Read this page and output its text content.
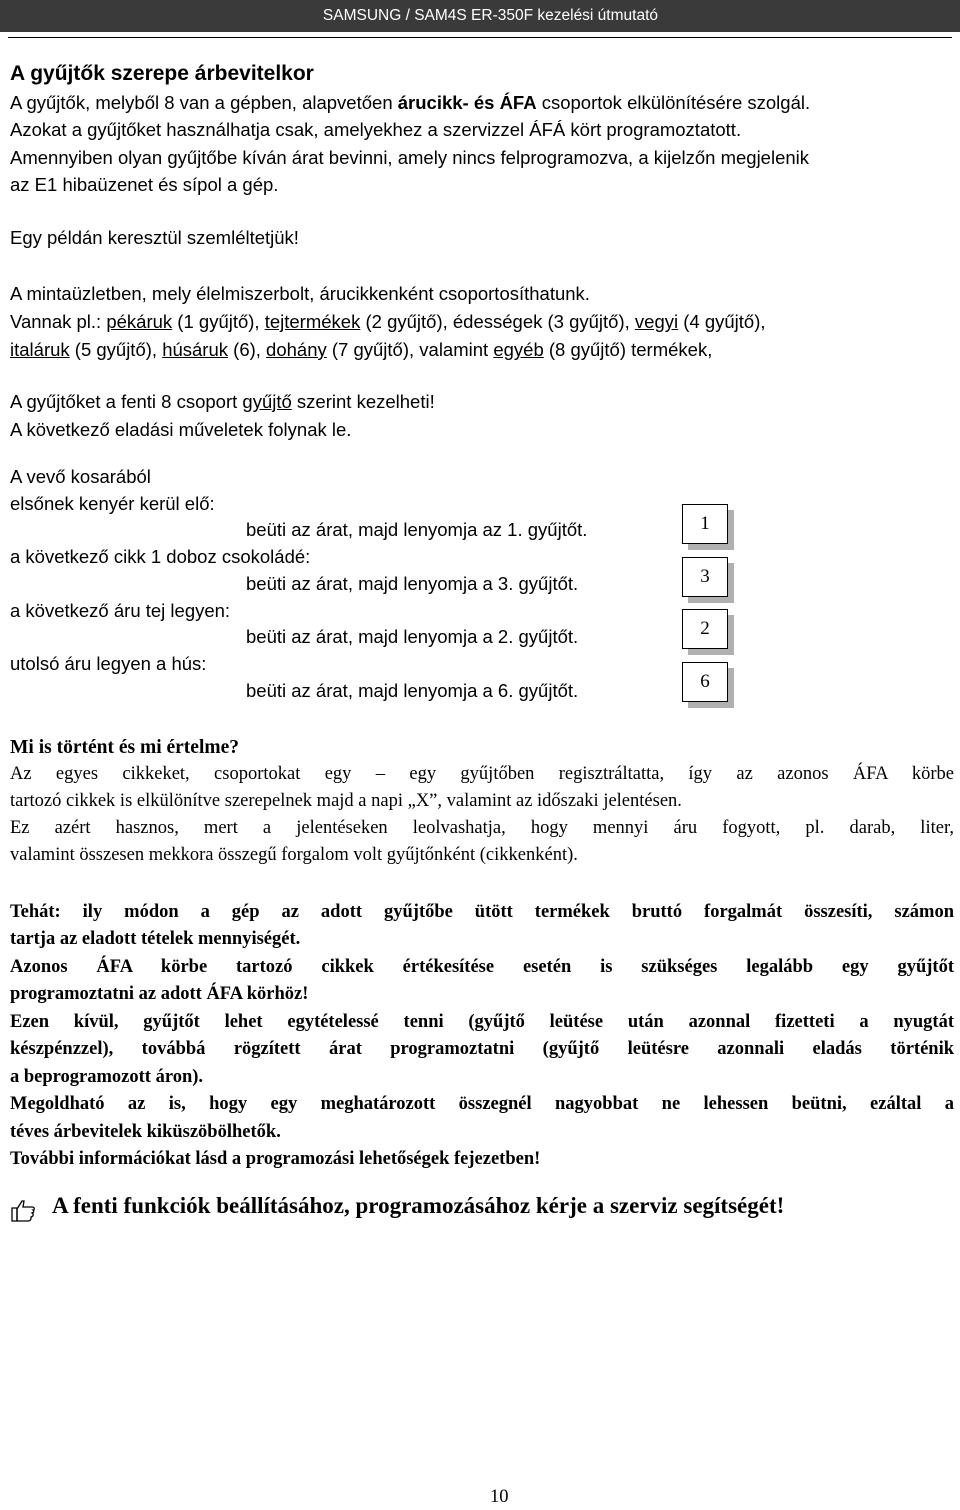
SAMSUNG / SAM4S ER-350F kezelési útmutató
A gyűjtők szerepe árbevitelkor
A gyűjtők, melyből 8 van a gépben, alapvetően árucikk- és ÁFA csoportok elkülönítésére szolgál.
Azokat a gyűjtőket használhatja csak, amelyekhez a szervizzel ÁFÁ kört programoztatott.
Amennyiben olyan gyűjtőbe kíván árat bevinni, amely nincs felprogramozva, a kijelzőn megjelenik
az E1 hibaüzenet és sípol a gép.
Egy példán keresztül szemléltetjük!
A mintaüzletben, mely élelmiszerbolt, árucikkenként csoportosíthatunk.
Vannak pl.: pékáruk (1 gyűjtő), tejtermékek (2 gyűjtő), édességek (3 gyűjtő), vegyi (4 gyűjtő),
italáruk (5 gyűjtő), húsáruk (6), dohány (7 gyűjtő), valamint egyéb (8 gyűjtő) termékek,
A gyűjtőket a fenti 8 csoport gyűjtő szerint kezelheti!
A következő eladási műveletek folynak le.
A vevő kosarából
elsőnek kenyér kerül elő:
beüti az árat, majd lenyomja az 1. gyűjtőt.	1
a következő cikk 1 doboz csokoládé:
beüti az árat, majd lenyomja a 3. gyűjtőt.	3
a következő áru tej legyen:
beüti az árat, majd lenyomja a 2. gyűjtőt.	2
utolsó áru legyen a hús:
beüti az árat, majd lenyomja a 6. gyűjtőt.	6
Mi is történt és mi értelme?
Az egyes cikkeket, csoportokat egy – egy gyűjtőben regisztráltatta, így az azonos ÁFA körbe
tartozó cikkek is elkülönítve szerepelnek majd a napi „X”, valamint az időszaki jelentésen.
Ez azért hasznos, mert a jelentéseken leolvashatja, hogy mennyi áru fogyott, pl. darab, liter,
valamint összesen mekkora összegű forgalom volt gyűjtőnként (cikkenként).
Tehát: ily módon a gép az adott gyűjtőbe ütött termékek bruttó forgalmát összesíti, számon
tartja az eladott tételek mennyiségét.
Azonos ÁFA körbe tartozó cikkek értékesítése esetén is szükséges legalább egy gyűjtőt
programoztatni az adott ÁFA körhöz!
Ezen kívül, gyűjtőt lehet egytételessé tenni (gyűjtő leütése után azonnal fizetteti a nyugtát
készpénzzel), továbbá rögzített árat programoztatni (gyűjtő leütésre azonnali eladás történik
a beprogramozott áron).
Megoldható az is, hogy egy meghatározott összegnél nagyobbat ne lehessen beütni, ezáltal a
téves árbevitelek kiküszöbölhetők.
További információkat lásd a programozási lehetőségek fejezetben!
A fenti funkciók beállításához, programozásához kérje a szerviz segítségét!
10
